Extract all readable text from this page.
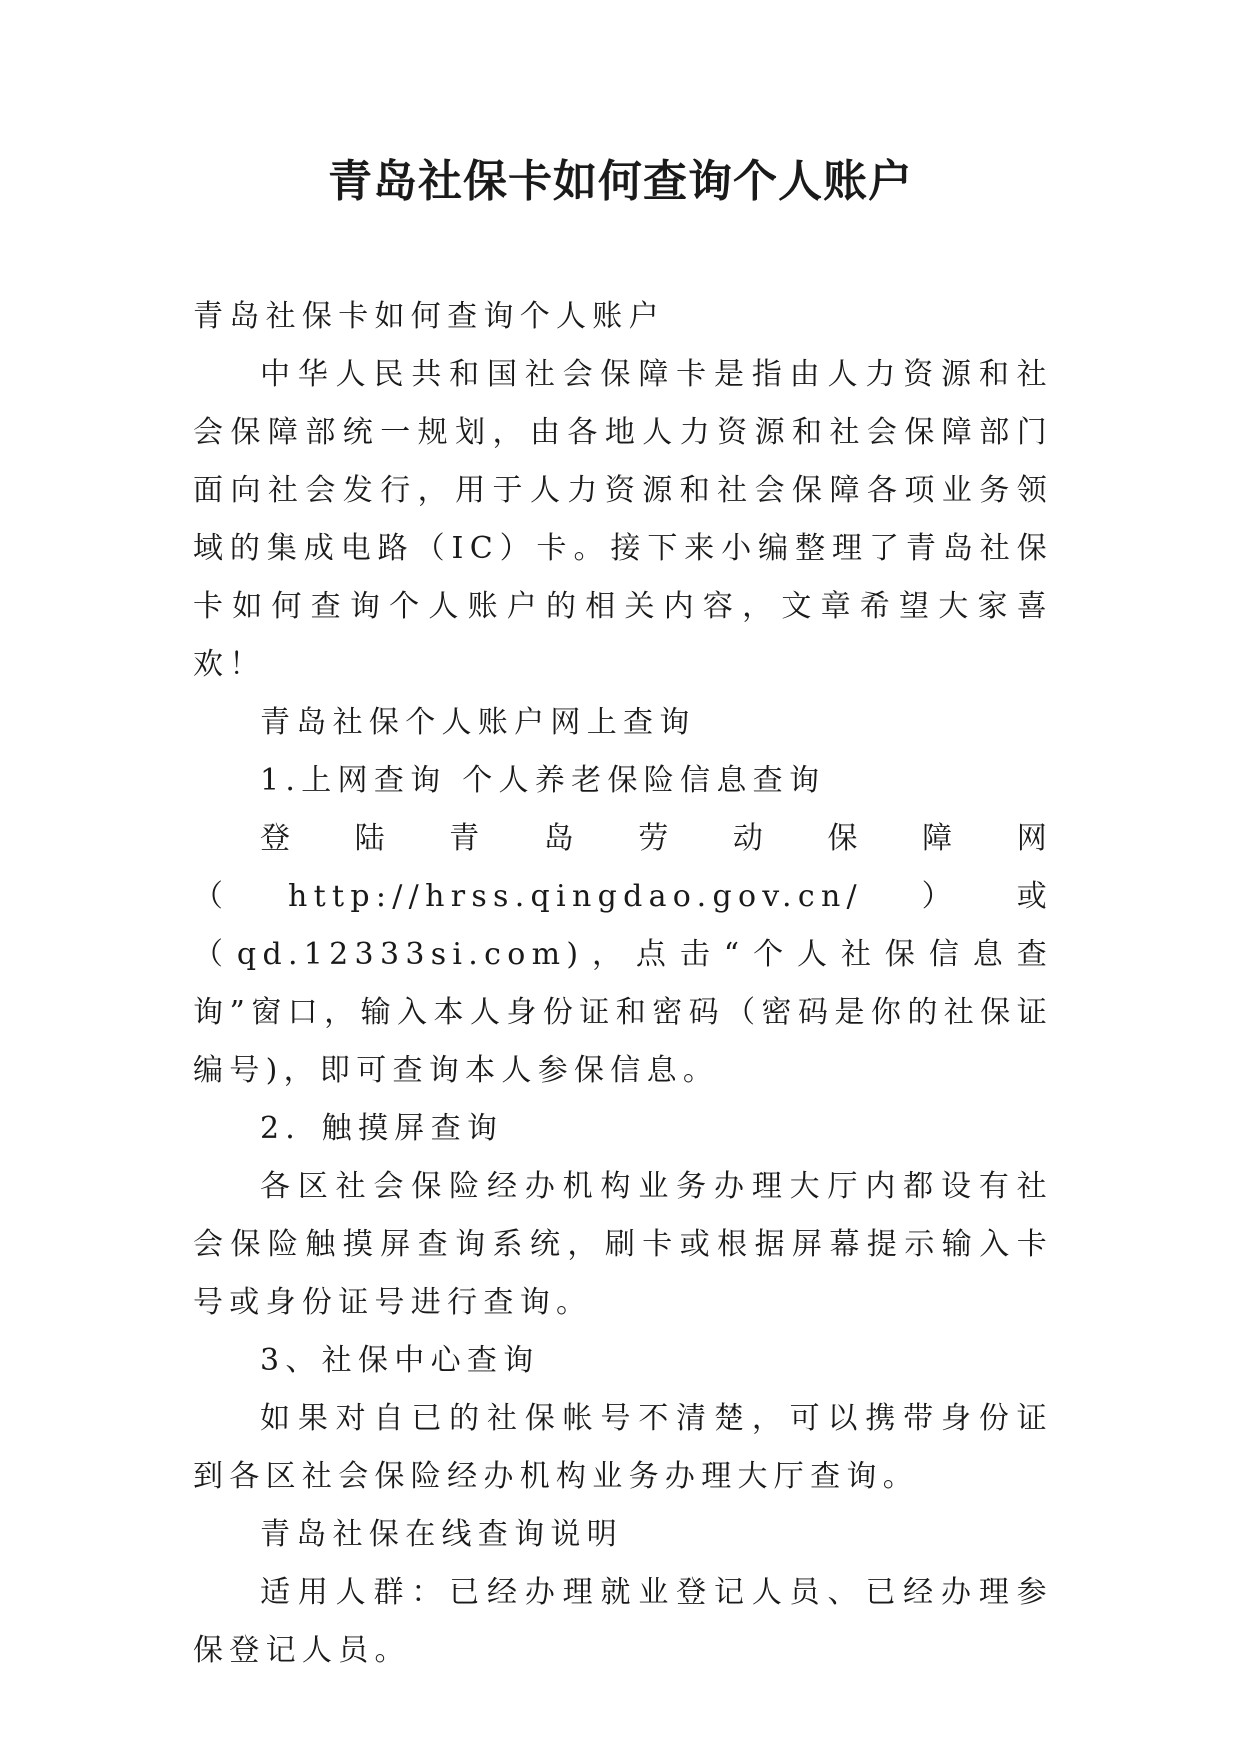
青岛社保卡如何查询个人账户

青岛社保卡如何查询个人账户

中华人民共和国社会保障卡是指由人力资源和社会保障部统一规划，由各地人力资源和社会保障部门面向社会发行，用于人力资源和社会保障各项业务领域的集成电路（IC）卡。接下来小编整理了青岛社保卡如何查询个人账户的相关内容，文章希望大家喜欢！

青岛社保个人账户网上查询

1.上网查询 个人养老保险信息查询

登陆青岛劳动保障网（http://hrss.qingdao.gov.cn/）或（qd.12333si.com)，点击“个人社保信息查询”窗口，输入本人身份证和密码（密码是你的社保证编号)，即可查询本人参保信息。

2．触摸屏查询

各区社会保险经办机构业务办理大厅内都设有社会保险触摸屏查询系统，刷卡或根据屏幕提示输入卡号或身份证号进行查询。

3、社保中心查询

如果对自已的社保帐号不清楚，可以携带身份证到各区社会保险经办机构业务办理大厅查询。

青岛社保在线查询说明

适用人群：已经办理就业登记人员、已经办理参保登记人员。
